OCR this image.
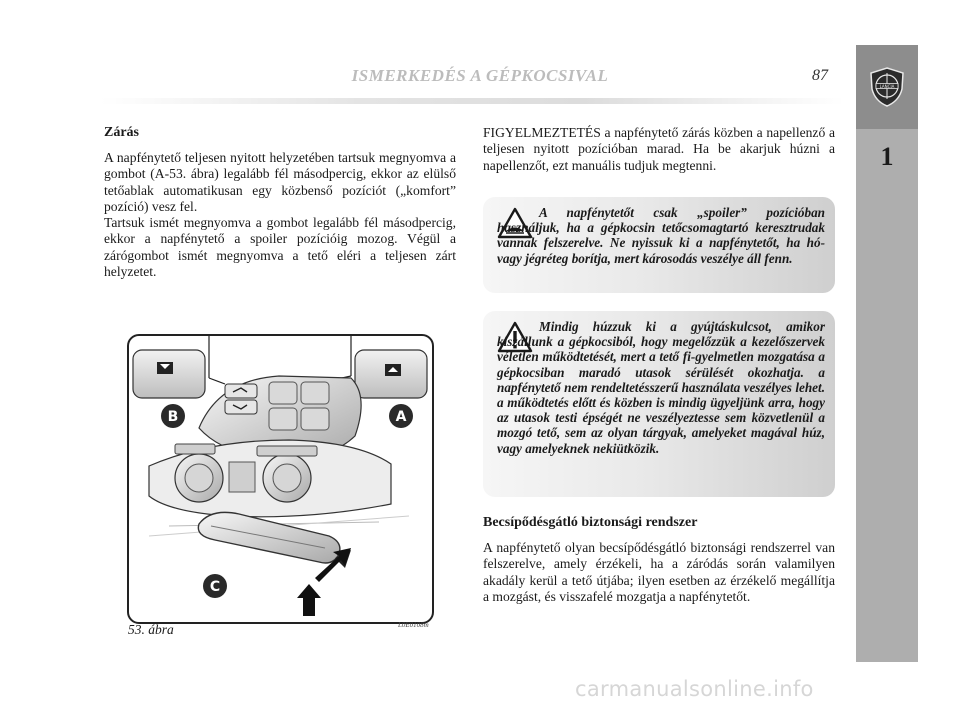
ISMERKEDÉS A GÉPKOCSIVAL	87
LANCIA
1

Zárás

A napfénytető teljesen nyitott helyzetében tartsuk megnyomva a gombot (A-53. ábra) legalább fél másodpercig, ekkor az elülső tetőablak automatikusan egy közbenső pozíciót („komfort” pozíció) vesz fel.

Tartsuk ismét megnyomva a gombot legalább fél másodpercig, ekkor a napfénytető a spoiler pozícióig mozog. Végül a zárógombot ismét megnyomva a tető eléri a teljesen zárt helyzetet.

B	A
C
53. ábra	L0E0108m

FIGYELMEZTETÉS a napfénytető zárás közben a napellenző a teljesen nyitott pozícióban marad. Ha be akarjuk húzni a napellenzőt, ezt manuális tudjuk megtenni.

A napfénytetőt csak „spoiler” pozícióban használjuk, ha a gépkocsin tetőcsomagtartó keresztrudak vannak felszerelve. Ne nyissuk ki a napfénytetőt, ha hó- vagy jégréteg borítja, mert károsodás veszélye áll fenn.

Mindig húzzuk ki a gyújtáskulcsot, amikor kiszállunk a gépkocsiból, hogy megelőzzük a kezelőszervek véletlen működtetését, mert a tető fi-gyelmetlen mozgatása a gépkocsiban maradó utasok sérülését okozhatja. a napfénytető nem rendeltetésszerű használata veszélyes lehet. a működtetés előtt és közben is mindig ügyeljünk arra, hogy az utasok testi épségét ne veszélyeztesse sem közvetlenül a mozgó tető, sem az olyan tárgyak, amelyeket magával húz, vagy amelyeknek nekiütközik.

Becsípődésgátló biztonsági rendszer

A napfénytető olyan becsípődésgátló biztonsági rendszerrel van felszerelve, amely érzékeli, ha a záródás során valamilyen akadály kerül a tető útjába; ilyen esetben az érzékelő megállítja a mozgást, és visszafelé mozgatja a napfénytetőt.

carmanualsonline.info
